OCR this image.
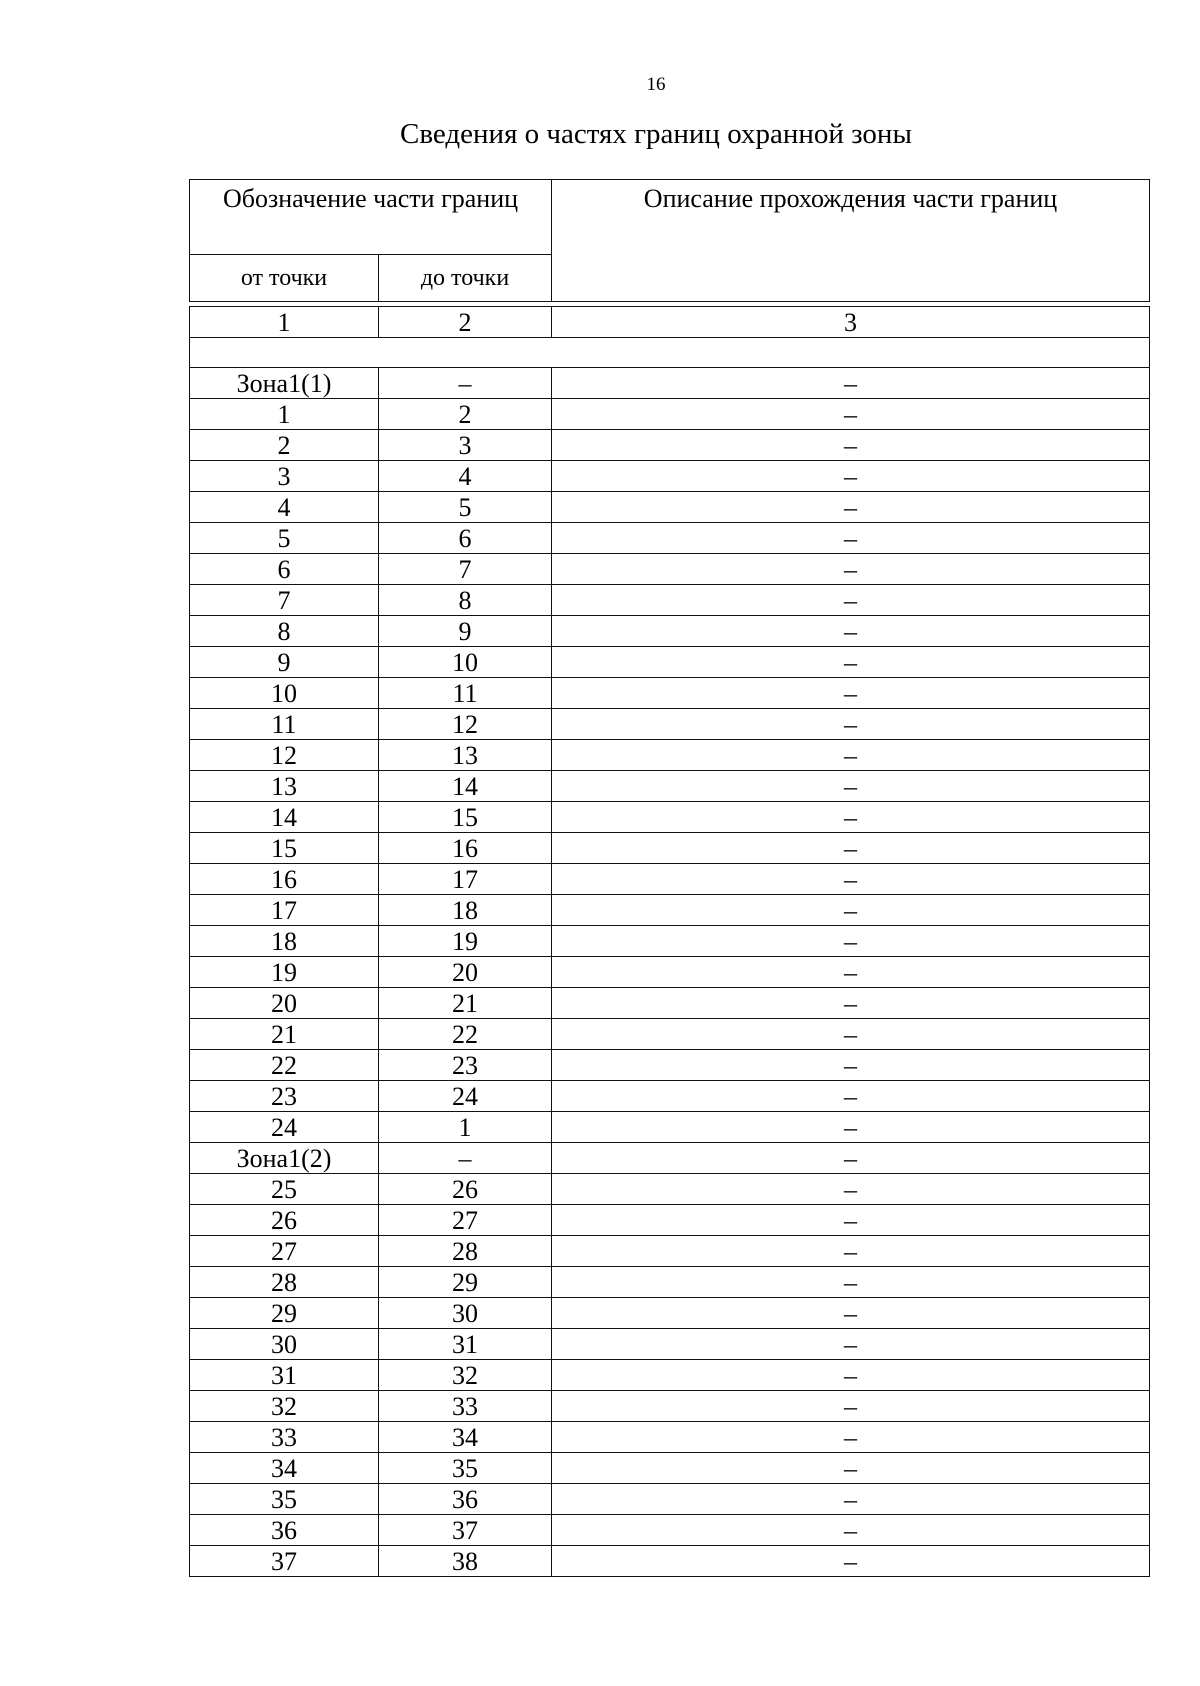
16
Сведения о частях границ охранной зоны
Обозначение части границ		Описание прохождения части границ
от точки	до точки	

1	2	3

Зона1(1)	–	–
1	2	–
2	3	–
3	4	–
4	5	–
5	6	–
6	7	–
7	8	–
8	9	–
9	10	–
10	11	–
11	12	–
12	13	–
13	14	–
14	15	–
15	16	–
16	17	–
17	18	–
18	19	–
19	20	–
20	21	–
21	22	–
22	23	–
23	24	–
24	1	–
Зона1(2)	–	–
25	26	–
26	27	–
27	28	–
28	29	–
29	30	–
30	31	–
31	32	–
32	33	–
33	34	–
34	35	–
35	36	–
36	37	–
37	38	–
